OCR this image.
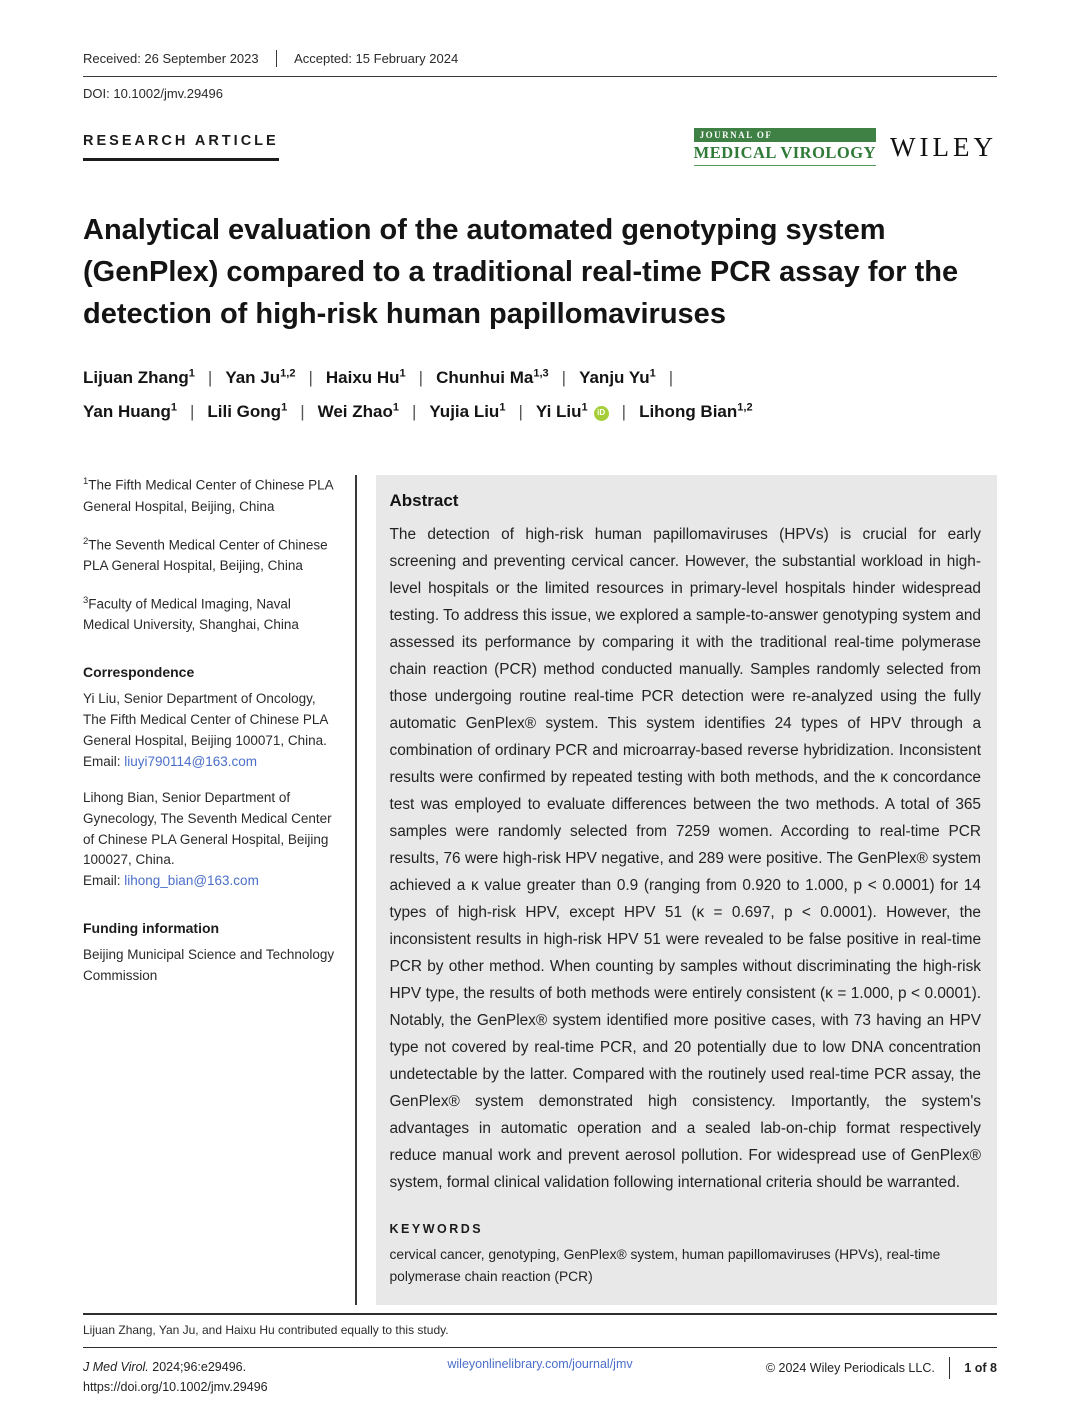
Received: 26 September 2023	Accepted: 15 February 2024
DOI: 10.1002/jmv.29496
RESEARCH ARTICLE	JOURNAL OF
MEDICAL VIROLOGY WILEY
Analytical evaluation of the automated genotyping system (GenPlex) compared to a traditional real-time PCR assay for the detection of high-risk human papillomaviruses
Lijuan Zhang$^1$ | Yan Ju$^{1,2}$ | Haixu Hu$^1$ | Chunhui Ma$^{1,3}$ | Yanju Yu$^1$ |
Yan Huang$^1$ | Lili Gong$^1$ | Wei Zhao$^1$ | Yujia Liu$^1$ | Yi Liu$^1$ iD | Lihong Bian$^{1,2}$

$^1$The Fifth Medical Center of Chinese PLA General Hospital, Beijing, China

$^2$The Seventh Medical Center of Chinese PLA General Hospital, Beijing, China

$^3$Faculty of Medical Imaging, Naval Medical University, Shanghai, China

Correspondence

Yi Liu, Senior Department of Oncology, The Fifth Medical Center of Chinese PLA General Hospital, Beijing 100071, China.
Email: liuyi790114@163.com

Lihong Bian, Senior Department of Gynecology, The Seventh Medical Center of Chinese PLA General Hospital, Beijing 100027, China.
Email: lihong_bian@163.com

Funding information

Beijing Municipal Science and Technology Commission

Abstract

The detection of high-risk human papillomaviruses (HPVs) is crucial for early screening and preventing cervical cancer. However, the substantial workload in high-level hospitals or the limited resources in primary-level hospitals hinder widespread testing. To address this issue, we explored a sample-to-answer genotyping system and assessed its performance by comparing it with the traditional real-time polymerase chain reaction (PCR) method conducted manually. Samples randomly selected from those undergoing routine real-time PCR detection were re-analyzed using the fully automatic GenPlex® system. This system identifies 24 types of HPV through a combination of ordinary PCR and microarray-based reverse hybridization. Inconsistent results were confirmed by repeated testing with both methods, and the κ concordance test was employed to evaluate differences between the two methods. A total of 365 samples were randomly selected from 7259 women. According to real-time PCR results, 76 were high-risk HPV negative, and 289 were positive. The GenPlex® system achieved a κ value greater than 0.9 (ranging from 0.920 to 1.000, p < 0.0001) for 14 types of high-risk HPV, except HPV 51 (κ = 0.697, p < 0.0001). However, the inconsistent results in high-risk HPV 51 were revealed to be false positive in real-time PCR by other method. When counting by samples without discriminating the high-risk HPV type, the results of both methods were entirely consistent (κ = 1.000, p < 0.0001). Notably, the GenPlex® system identified more positive cases, with 73 having an HPV type not covered by real-time PCR, and 20 potentially due to low DNA concentration undetectable by the latter. Compared with the routinely used real-time PCR assay, the GenPlex® system demonstrated high consistency. Importantly, the system's advantages in automatic operation and a sealed lab-on-chip format respectively reduce manual work and prevent aerosol pollution. For widespread use of GenPlex® system, formal clinical validation following international criteria should be warranted.

KEYWORDS

cervical cancer, genotyping, GenPlex® system, human papillomaviruses (HPVs), real-time polymerase chain reaction (PCR)

Lijuan Zhang, Yan Ju, and Haixu Hu contributed equally to this study.
J Med Virol. 2024;96:e29496.
https://doi.org/10.1002/jmv.29496
wileyonlinelibrary.com/journal/jmv	© 2024 Wiley Periodicals LLC. 1 of 8
